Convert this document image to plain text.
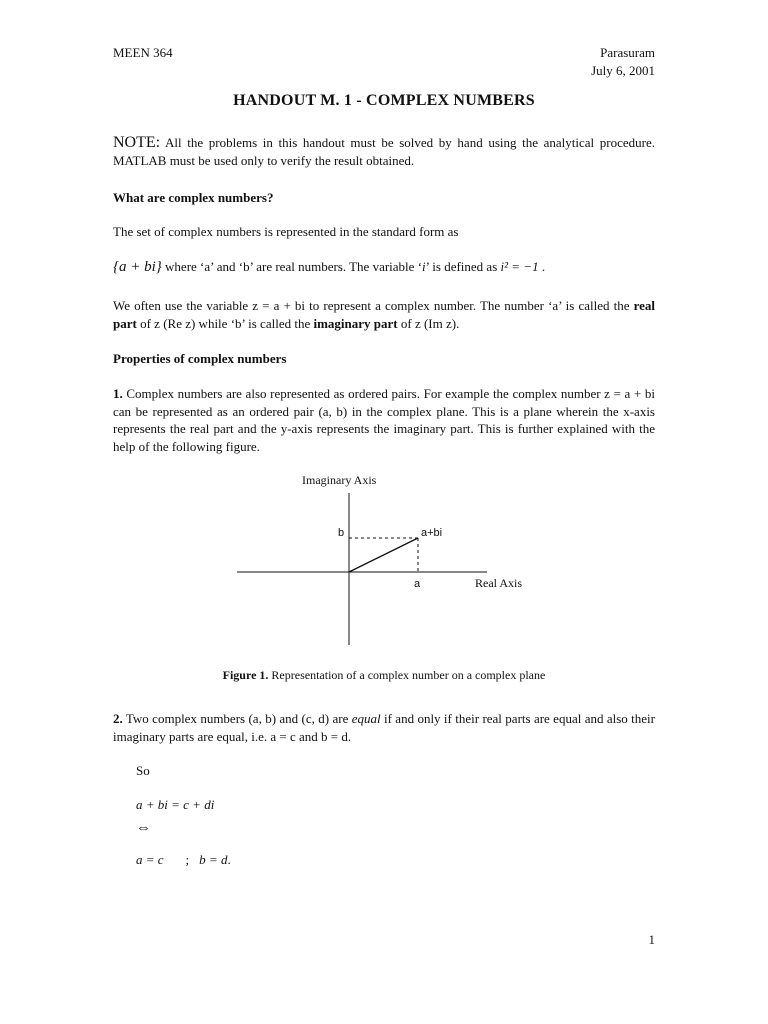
MEEN 364	Parasuram
July 6, 2001
HANDOUT M. 1 - COMPLEX NUMBERS
NOTE: All the problems in this handout must be solved by hand using the analytical procedure. MATLAB must be used only to verify the result obtained.
What are complex numbers?
The set of complex numbers is represented in the standard form as
{a + bi} where ‘a’ and ‘b’ are real numbers. The variable ‘i’ is defined as i² = −1 .
We often use the variable z = a + bi to represent a complex number. The number ‘a’ is called the real part of z (Re z) while ‘b’ is called the imaginary part of z (Im z).
Properties of complex numbers
1. Complex numbers are also represented as ordered pairs. For example the complex number z = a + bi can be represented as an ordered pair (a, b) in the complex plane. This is a plane wherein the x-axis represents the real part and the y-axis represents the imaginary part. This is further explained with the help of the following figure.
Imaginary Axis
b	a+bi
a	Real Axis
Figure 1. Representation of a complex number on a complex plane
2. Two complex numbers (a, b) and (c, d) are equal if and only if their real parts are equal and also their imaginary parts are equal, i.e. a = c and b = d.
So
a + bi = c + di
⇔
a = c ; b = d.
1
